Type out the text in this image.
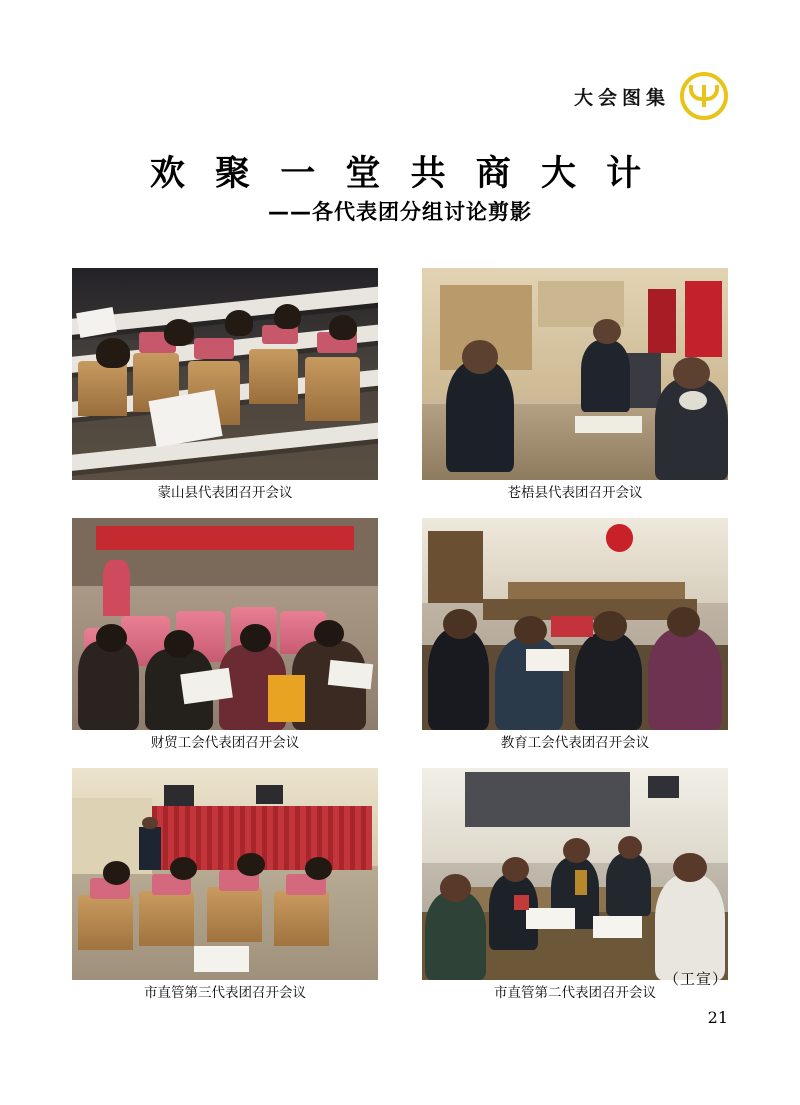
大会图集
欢 聚 一 堂 共 商 大 计
——各代表团分组讨论剪影
蒙山县代表团召开会议	苍梧县代表团召开会议
财贸工会代表团召开会议	教育工会代表团召开会议
市直管第三代表团召开会议	市直管第二代表团召开会议
（工宣）
21
